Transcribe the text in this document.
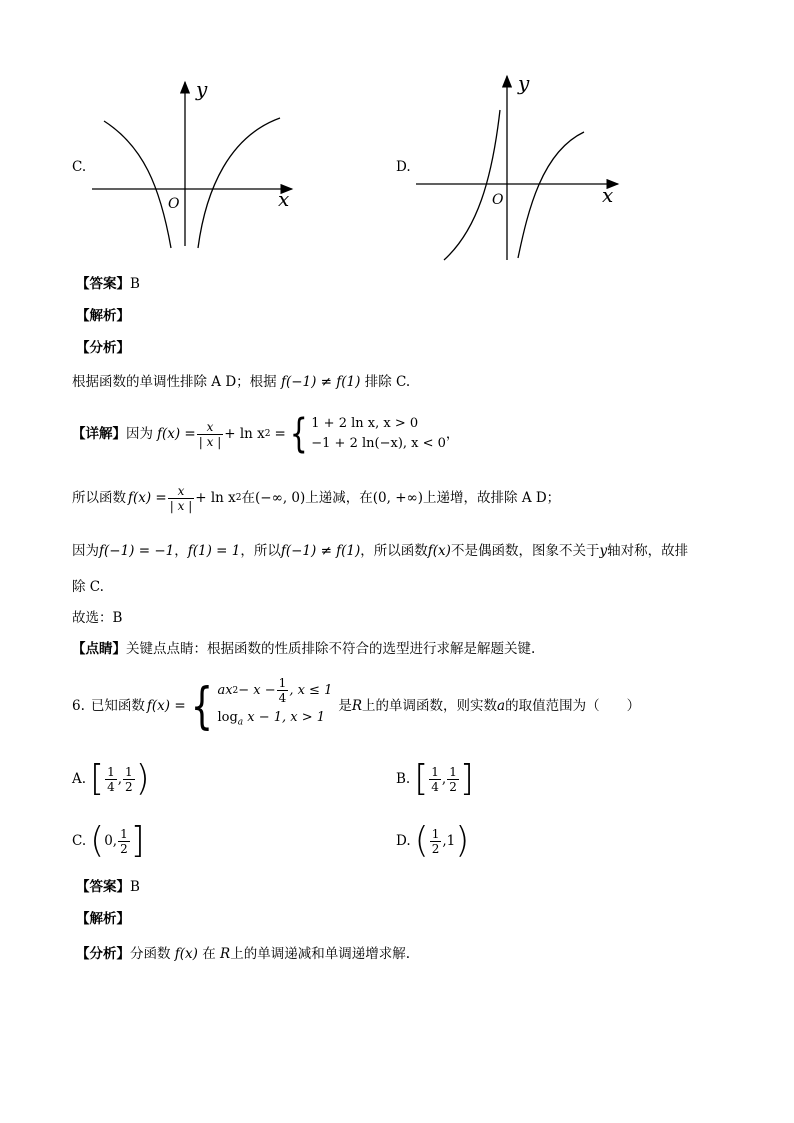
C.
y
x
O
D.
y
x
O
【答案】B
【解析】
【分析】
根据函数的单调性排除 A D；根据 f(−1) ≠ f(1) 排除 C.
【详解】 因为 $f(x) = \frac{x}{| x |} + \ln x$ 2 = { 1 + 2 ln x, x > 0
−1 + 2 ln(−x), x < 0
，
所以函数 $f(x) = \frac{x}{| x |} + \ln x$ 2 在 (−∞, 0) 上递减，在 (0, +∞) 上递增，故排除 A D；
因为f(−1) = −1，f(1) = 1，所以f(−1) ≠ f(1)，所以函数f(x)不是偶函数，图象不关于y轴对称，故排
除 C.
故选：B
【点睛】关键点点睛：根据函数的性质排除不符合的选型进行求解是解题关键.
6. 已知函数 f(x) = { ax $2 - x - \frac{1}{4}$ , x ≤ 1
$\log_a x - 1$, x > 1
是 R 上的单调函数，则实数 a 的取值范围为（　　）
A. [ $\frac{1}{4}$ , $\frac{1}{2}$ )	B. [ $\frac{1}{4}$ , $\frac{1}{2}$ ]
C. ( 0 , $\frac{1}{2}$ ]	D. ( $\frac{1}{2}$ , 1 )
【答案】B
【解析】
【分析】分函数 f(x) 在 R上的单调递减和单调递增求解.
